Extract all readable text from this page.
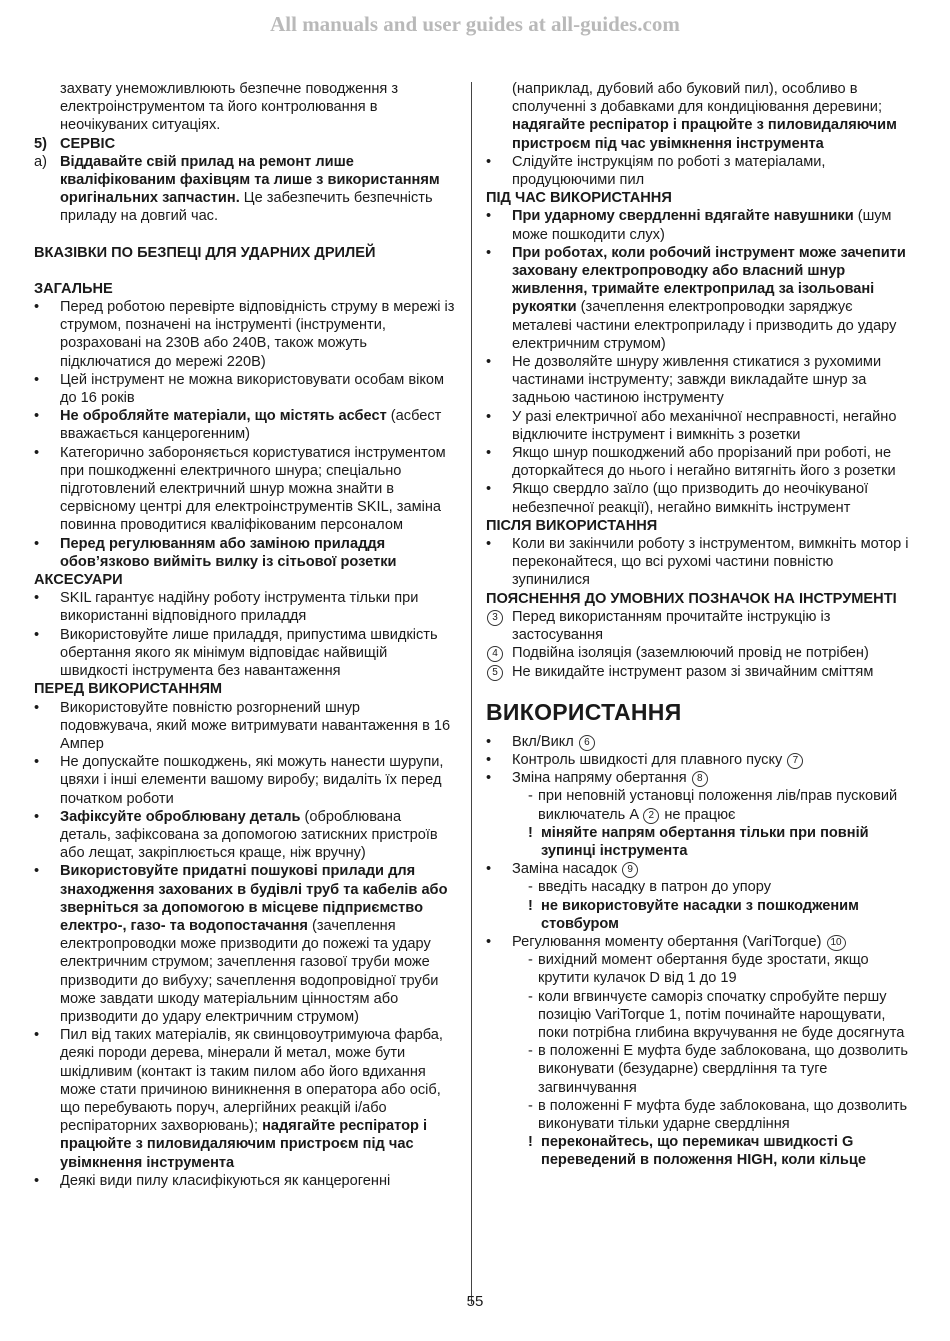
All manuals and user guides at all-guides.com

захвату унеможливлюють безпечне поводження з електроінструментом та його контролювання в неочікуваних ситуаціях.

5) СЕРВІС
a) Віддавайте свій прилад на ремонт лише кваліфікованим фахівцям та лише з використанням оригінальних запчастин. Це забезпечить безпечність приладу на довгий час.

ВКАЗІВКИ ПО БЕЗПЕЦІ ДЛЯ УДАРНИХ ДРИЛЕЙ

ЗАГАЛЬНЕ

•	Перед роботою перевірте відповідність струму в мережі із струмом, позначені на інструменті (інструменти, розраховані на 230В або 240В, також можуть підключатися до мережі 220В)
•	Цей інструмент не можна використовувати особам віком до 16 років
•	Не обробляйте матеріали, що містять асбест (асбест вважається канцерогенним)
•	Категорично забороняється користуватися інструментом при пошкодженні електричного шнура; спеціально підготовлений електричний шнур можна знайти в сервісному центрі для електроінструментів SKIL, заміна повинна проводитися кваліфікованим персоналом
•	Перед регулюванням або заміною приладдя обов’язково вийміть вилку із сітьової розетки

АКСЕСУАРИ

•	SKIL гарантує надійну роботу інструмента тільки при використанні відповідного приладдя
•	Використовуйте лише приладдя, припустима швидкість обертання якого як мінімум відповідає найвищій швидкості інструмента без навантаження

ПЕРЕД ВИКОРИСТАННЯМ

•	Використовуйте повністю розгорнений шнур подовжувача, який може витримувати навантаження в 16 Ампер
•	Не допускайте пошкоджень, які можуть нанести шурупи, цвяхи і інші елементи вашому виробу; видаліть їх перед початком роботи
•	Зафіксуйте оброблювану деталь (оброблювана деталь, зафіксована за допомогою затискних пристроїв або лещат, закріплюється краще, ніж вручну)
•	Використовуйте придатні пошукові прилади для знаходження захованих в будівлі труб та кабелів або зверніться за допомогою в місцеве підприємство електро-, газо- та водопостачання (зачеплення електропроводки може призводити до пожежі та удару електричним струмом; зачеплення газової труби може призводити до вибуху; sачеплення водопровідної труби може завдати шкоду матеріальним цінностям або призводити до удару електричним струмом)
•	Пил від таких матеріалів, як свинцовоутримуюча фарба, деякі породи дерева, мінерали й метал, може бути шкідливим (контакт із таким пилом або його вдихання може стати причиною виникнення в оператора або осіб, що перебувають поруч, алергійних реакцій і/або респіраторних захворювань); надягайте респіратор і працюйте з пиловидаляючим пристроєм під час увімкнення інструмента
•	Деякі види пилу класифікуються як канцерогенні

(наприклад, дубовий або буковий пил), особливо в сполученні з добавками для кондиціювання деревини; надягайте респіратор і працюйте з пиловидаляючим пристроєм під час увімкнення інструмента

•	Слідуйте інструкціям по роботі з матеріалами, продуцюючими пил

ПІД ЧАС ВИКОРИСТАННЯ

•	При ударному свердленні вдягайте навушники (шум може пошкодити слух)
•	При роботах, коли робочий інструмент може зачепити заховану електропроводку або власний шнур живлення, тримайте електроприлад за ізольовані рукоятки (зачеплення електропроводки заряджує металеві частини електроприладу і призводить до удару електричним струмом)
•	Не дозволяйте шнуру живлення стикатися з рухомими частинами інструменту; завжди викладайте шнур за задньою частиною інструменту
•	У разі електричної або механічної несправності, негайно відключите інструмент і вимкніть з розетки
•	Якщо шнур пошкоджений або прорізаний при роботі, не доторкайтеся до нього і негайно витягніть його з розетки
•	Якщо свердло заїло (що призводить до неочікуваної небезпечної реакції), негайно вимкніть інструмент

ПІСЛЯ ВИКОРИСТАННЯ

•	Коли ви закінчили роботу з інструментом, вимкніть мотор і переконайтеся, що всі рухомі частини повністю зупинилися

ПОЯСНЕННЯ ДО УМОВНИХ ПОЗНАЧОК НА ІНСТРУМЕНТІ

3 Перед використанням прочитайте інструкцію із застосування
4 Подвійна ізоляція (заземлюючий провід не потрібен)
5 Не викидайте інструмент разом зі звичайним сміттям

ВИКОРИСТАННЯ

•	Вкл/Викл 6
•	Контроль швидкості для плавного пуску 7
•	Зміна напряму обертання 8
- при неповній установці положення лів/прав пусковий виключатель A 2 не працює
! міняйте напрям обертання тільки при повній зупинці інструмента
•	Заміна насадок 9
- введіть насадку в патрон до упору
! не використовуйте насадки з пошкодженим стовбуром
•	Регулювання моменту обертання (VariTorque) 10
- вихідний момент обертання буде зростати, якщо крутити кулачок D від 1 до 19
- коли вгвинчуєте саморіз спочатку спробуйте першу позицію VariTorque 1, потім починайте нарощувати, поки потрібна глибина вкручування не буде досягнута
- в положенні E муфта буде заблокована, що дозволить виконувати (безударне) свердління та туге загвинчування
- в положенні F муфта буде заблокована, що дозволить виконувати тільки ударне свердління
! переконайтесь, що перемикач швидкості G переведений в положення HIGH, коли кільце
55
